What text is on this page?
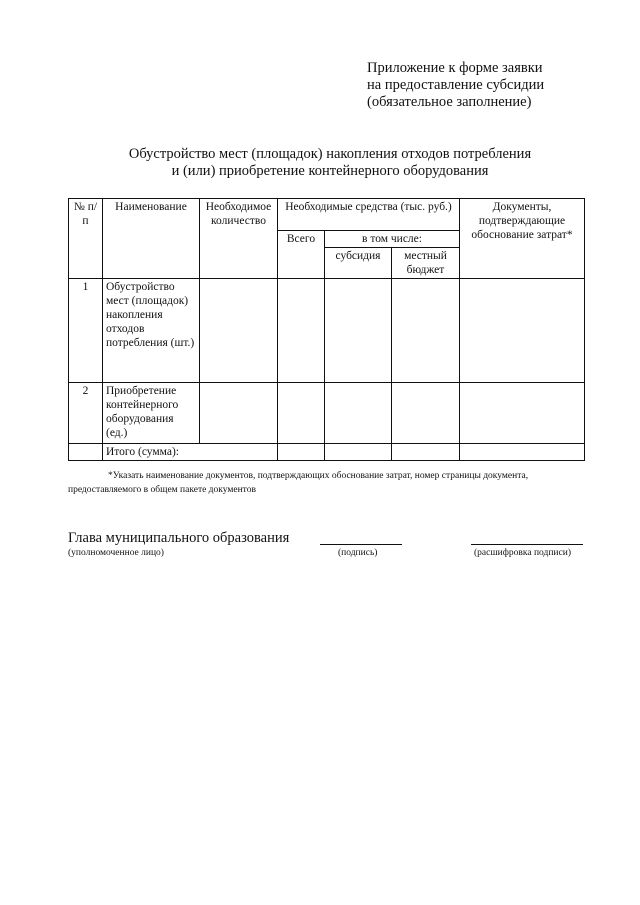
Приложение к форме заявки
на предоставление субсидии
(обязательное заполнение)
Обустройство мест (площадок) накопления отходов потребления
и (или) приобретение контейнерного оборудования
№ п/п	Наименование	Необходимое количество	Необходимые средства (тыс. руб.)			Документы, подтверждающие обоснование затрат*
			Всего	в том числе:		
				субсидия	местный бюджет	
1	Обустройство мест (площадок) накопления отходов потребления (шт.)					
2	Приобретение контейнерного оборудования (ед.)					
	Итого (сумма):					
*Указать наименование документов, подтверждающих обоснование затрат, номер страницы документа, предоставляемого в общем пакете документов
Глава муниципального образования
(уполномоченное лицо)	(подпись)	(расшифровка подписи)
